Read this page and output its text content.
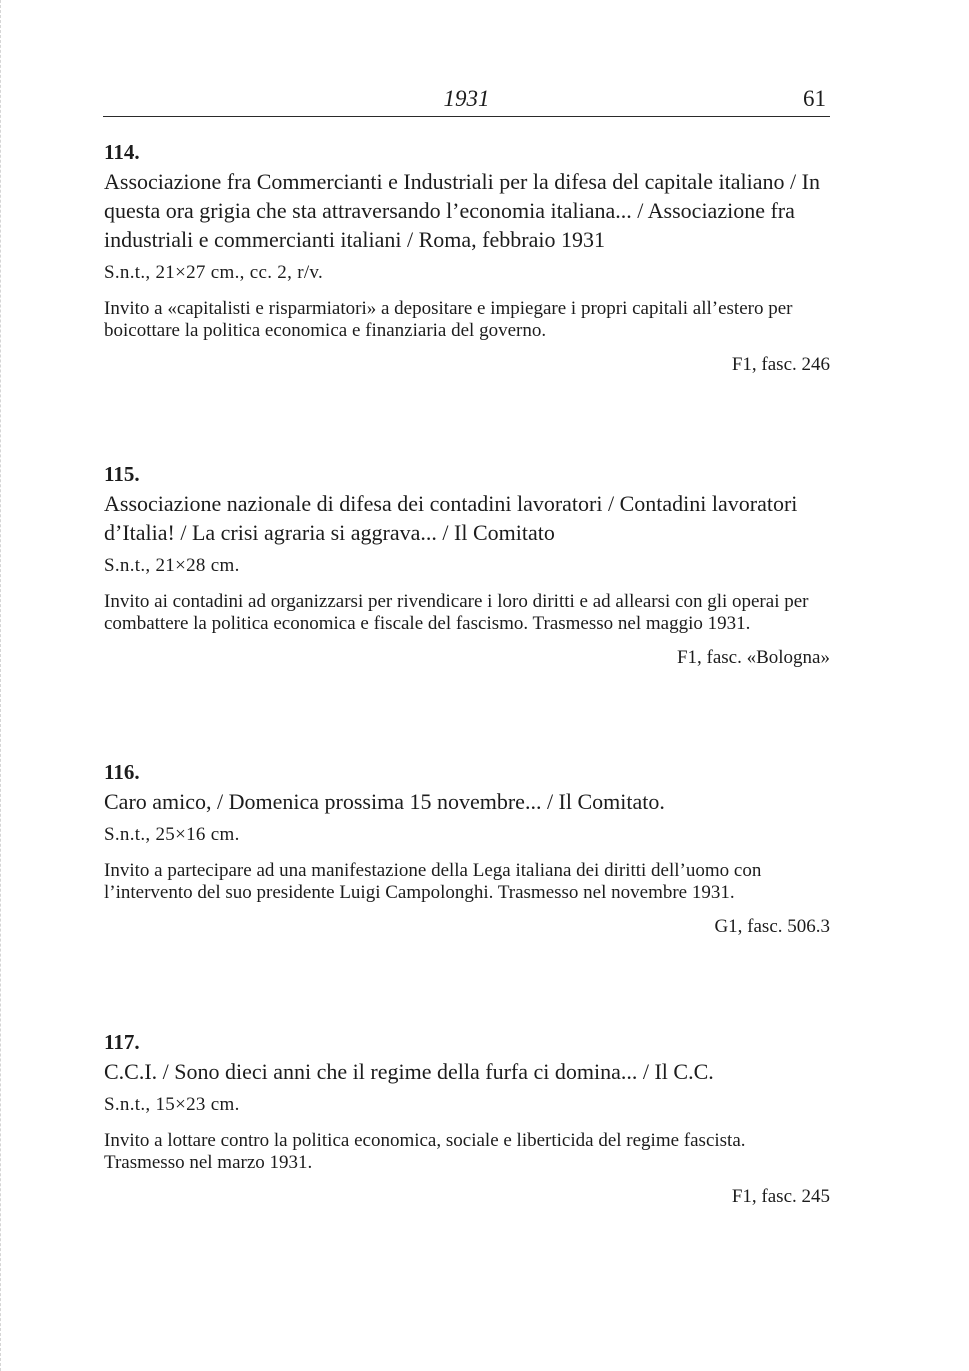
1931	61
114.
Associazione fra Commercianti e Industriali per la difesa del capitale italiano / In questa ora grigia che sta attraversando l’economia italiana... / Associazione fra industriali e commercianti italiani / Roma, febbraio 1931
S.n.t., 21×27 cm., cc. 2, r/v.
Invito a «capitalisti e risparmiatori» a depositare e impiegare i propri capitali all’estero per boicottare la politica economica e finanziaria del governo.
F1, fasc. 246
115.
Associazione nazionale di difesa dei contadini lavoratori / Contadini lavoratori d’Italia! / La crisi agraria si aggrava... / Il Comitato
S.n.t., 21×28 cm.
Invito ai contadini ad organizzarsi per rivendicare i loro diritti e ad allearsi con gli operai per combattere la politica economica e fiscale del fascismo. Trasmesso nel maggio 1931.
F1, fasc. «Bologna»
116.
Caro amico, / Domenica prossima 15 novembre... / Il Comitato.
S.n.t., 25×16 cm.
Invito a partecipare ad una manifestazione della Lega italiana dei diritti dell’uomo con l’intervento del suo presidente Luigi Campolonghi. Trasmesso nel novembre 1931.
G1, fasc. 506.3
117.
C.C.I. / Sono dieci anni che il regime della furfa ci domina... / Il C.C.
S.n.t., 15×23 cm.
Invito a lottare contro la politica economica, sociale e liberticida del regime fascista. Trasmesso nel marzo 1931.
F1, fasc. 245
